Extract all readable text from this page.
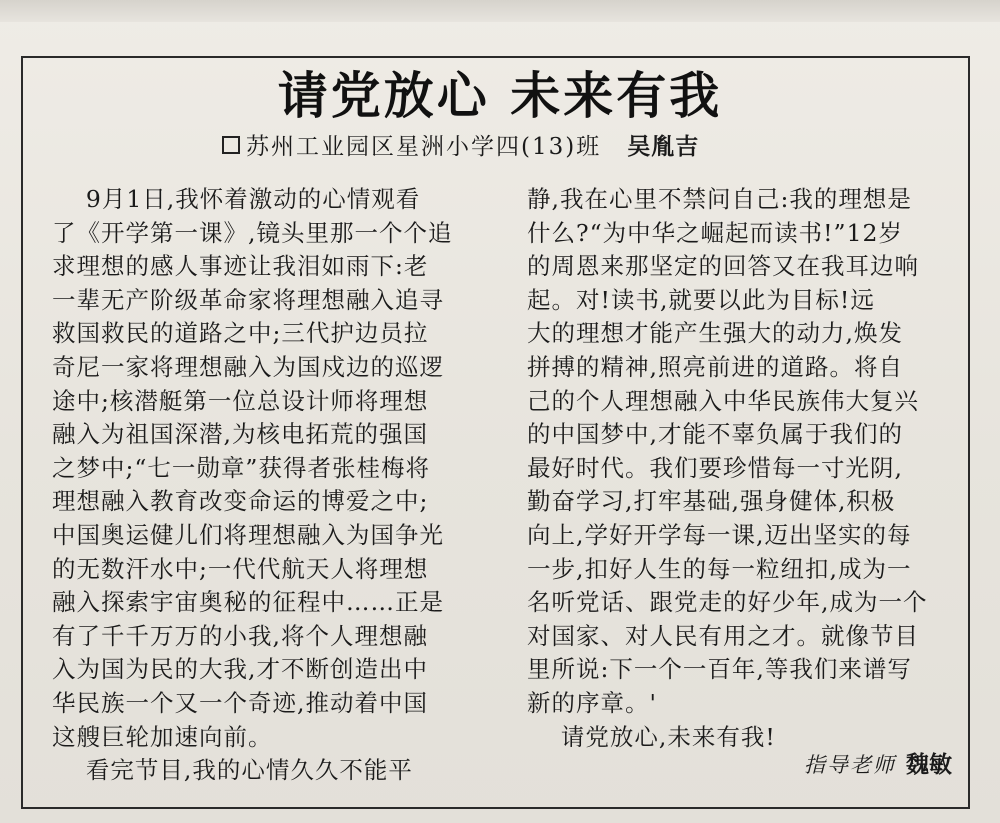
请党放心 未来有我
苏州工业园区星洲小学四(13)班 吴胤吉
9月1日,我怀着激动的心情观看
了《开学第一课》,镜头里那一个个追
求理想的感人事迹让我泪如雨下:老
一辈无产阶级革命家将理想融入追寻
救国救民的道路之中;三代护边员拉
奇尼一家将理想融入为国戍边的巡逻
途中;核潜艇第一位总设计师将理想
融入为祖国深潜,为核电拓荒的强国
之梦中;“七一勋章”获得者张桂梅将
理想融入教育改变命运的博爱之中;
中国奥运健儿们将理想融入为国争光
的无数汗水中;一代代航天人将理想
融入探索宇宙奥秘的征程中……正是
有了千千万万的小我,将个人理想融
入为国为民的大我,才不断创造出中
华民族一个又一个奇迹,推动着中国
这艘巨轮加速向前。
看完节目,我的心情久久不能平
静,我在心里不禁问自己:我的理想是
什么?“为中华之崛起而读书!”12岁
的周恩来那坚定的回答又在我耳边响
起。对!读书,就要以此为目标!远
大的理想才能产生强大的动力,焕发
拼搏的精神,照亮前进的道路。将自
己的个人理想融入中华民族伟大复兴
的中国梦中,才能不辜负属于我们的
最好时代。我们要珍惜每一寸光阴,
勤奋学习,打牢基础,强身健体,积极
向上,学好开学每一课,迈出坚实的每
一步,扣好人生的每一粒纽扣,成为一
名听党话、跟党走的好少年,成为一个
对国家、对人民有用之才。就像节目
里所说:下一个一百年,等我们来谱写
新的序章。'
请党放心,未来有我!
指导老师 魏敏
